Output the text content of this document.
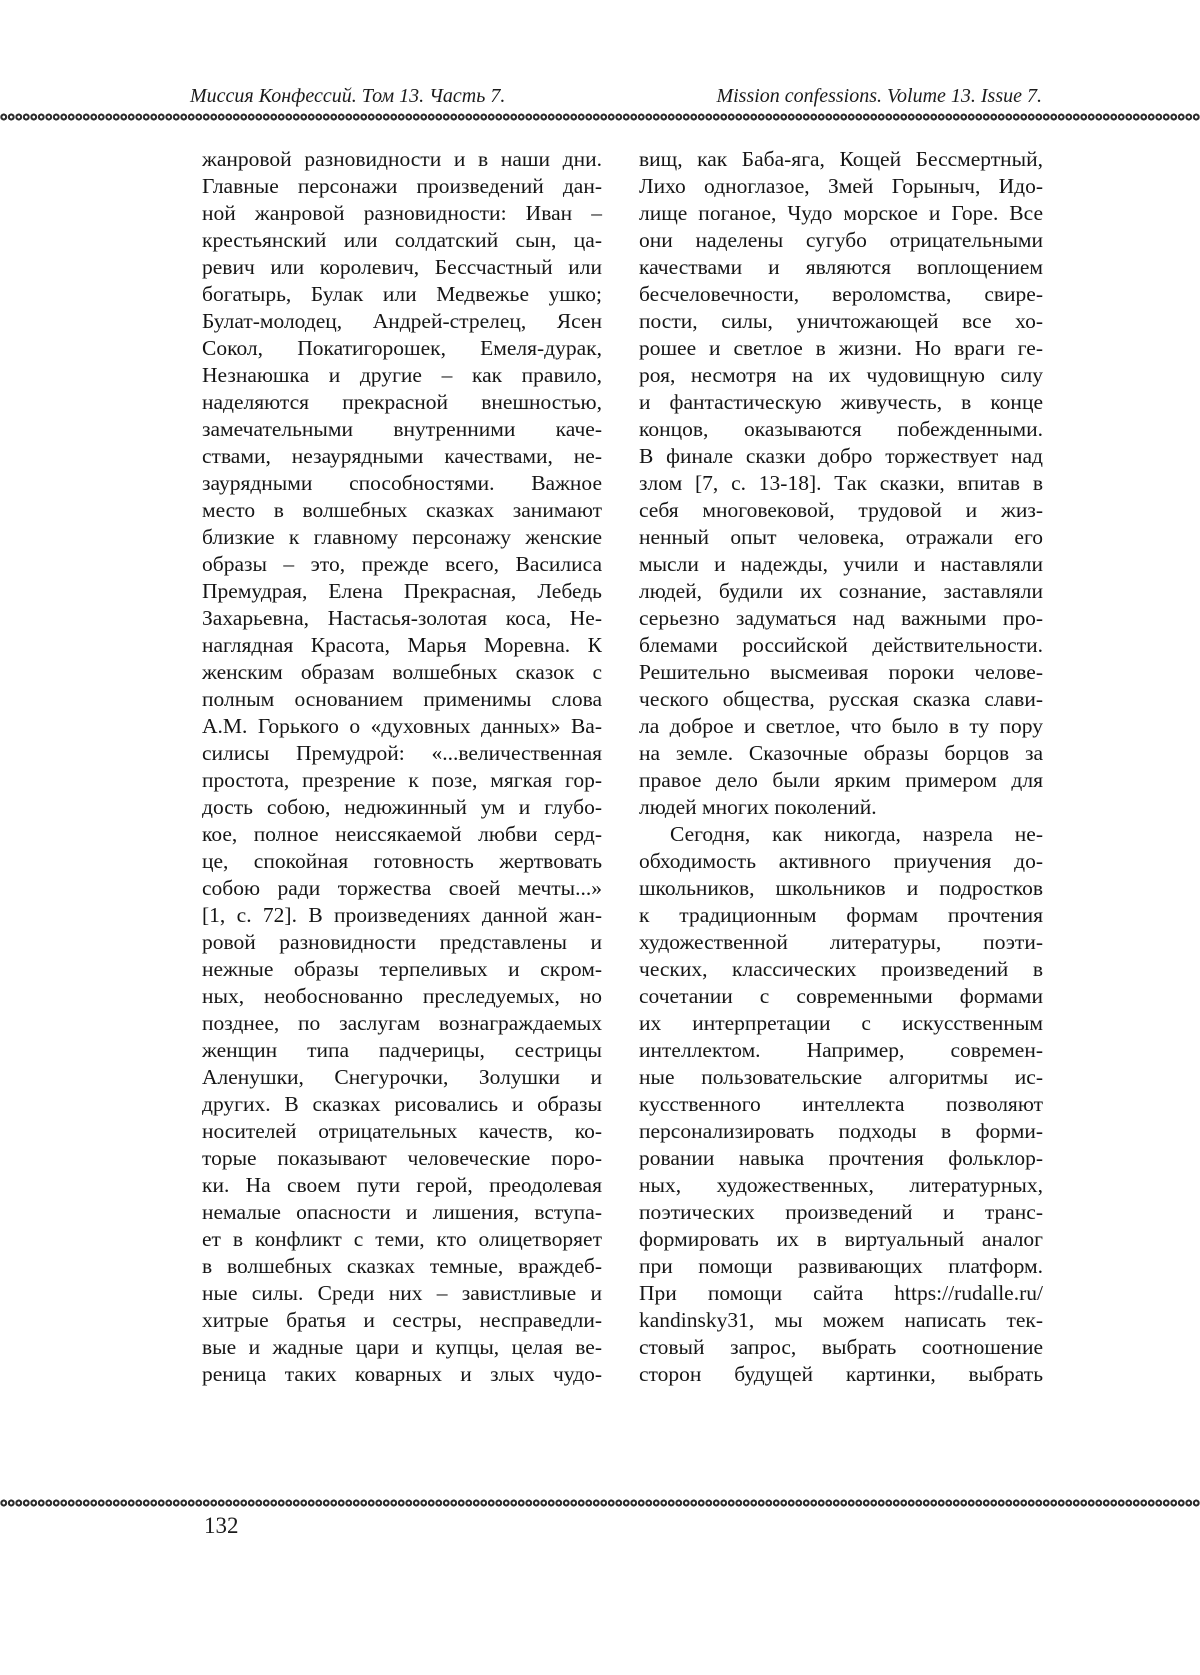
Миссия Конфессий. Том 13. Часть 7.	Mission confessions. Volume 13. Issue 7.
жанровой разновидности и в наши дни.
Главные персонажи произведений дан-
ной жанровой разновидности: Иван –
крестьянский или солдатский сын, ца-
ревич или королевич, Бессчастный или
богатырь, Булак или Медвежье ушко;
Булат-молодец, Андрей-стрелец, Ясен
Сокол, Покатигорошек, Емеля-дурак,
Незнаюшка и другие – как правило,
наделяются прекрасной внешностью,
замечательными внутренними каче-
ствами, незаурядными качествами, не-
заурядными способностями. Важное
место в волшебных сказках занимают
близкие к главному персонажу женские
образы – это, прежде всего, Василиса
Премудрая, Елена Прекрасная, Лебедь
Захарьевна, Настасья-золотая коса, Не-
наглядная Красота, Марья Моревна. К
женским образам волшебных сказок с
полным основанием применимы слова
А.М. Горького о «духовных данных» Ва-
силисы Премудрой: «...величественная
простота, презрение к позе, мягкая гор-
дость собою, недюжинный ум и глубо-
кое, полное неиссякаемой любви серд-
це, спокойная готовность жертвовать
собою ради торжества своей мечты...»
[1, с. 72]. В произведениях данной жан-
ровой разновидности представлены и
нежные образы терпеливых и скром-
ных, необоснованно преследуемых, но
позднее, по заслугам вознаграждаемых
женщин типа падчерицы, сестрицы
Аленушки, Снегурочки, Золушки и
других. В сказках рисовались и образы
носителей отрицательных качеств, ко-
торые показывают человеческие поро-
ки. На своем пути герой, преодолевая
немалые опасности и лишения, вступа-
ет в конфликт с теми, кто олицетворяет
в волшебных сказках темные, враждеб-
ные силы. Среди них – завистливые и
хитрые братья и сестры, несправедли-
вые и жадные цари и купцы, целая ве-
реница таких коварных и злых чудо-
вищ, как Баба-яга, Кощей Бессмертный,
Лихо одноглазое, Змей Горыныч, Идо-
лище поганое, Чудо морское и Горе. Все
они наделены сугубо отрицательными
качествами и являются воплощением
бесчеловечности, вероломства, свире-
пости, силы, уничтожающей все хо-
рошее и светлое в жизни. Но враги ге-
роя, несмотря на их чудовищную силу
и фантастическую живучесть, в конце
концов, оказываются побежденными.
В финале сказки добро торжествует над
злом [7, с. 13-18]. Так сказки, впитав в
себя многовековой, трудовой и жиз-
ненный опыт человека, отражали его
мысли и надежды, учили и наставляли
людей, будили их сознание, заставляли
серьезно задуматься над важными про-
блемами российской действительности.
Решительно высмеивая пороки челове-
ческого общества, русская сказка слави-
ла доброе и светлое, что было в ту пору
на земле. Сказочные образы борцов за
правое дело были ярким примером для
людей многих поколений.
Сегодня, как никогда, назрела не-
обходимость активного приучения до-
школьников, школьников и подростков
к традиционным формам прочтения
художественной литературы, поэти-
ческих, классических произведений в
сочетании с современными формами
их интерпретации с искусственным
интеллектом. Например, современ-
ные пользовательские алгоритмы ис-
кусственного интеллекта позволяют
персонализировать подходы в форми-
ровании навыка прочтения фольклор-
ных, художественных, литературных,
поэтических произведений и транс-
формировать их в виртуальный аналог
при помощи развивающих платформ.
При помощи сайта https://rudalle.ru/
kandinsky31, мы можем написать тек-
стовый запрос, выбрать соотношение
сторон будущей картинки, выбрать
132
